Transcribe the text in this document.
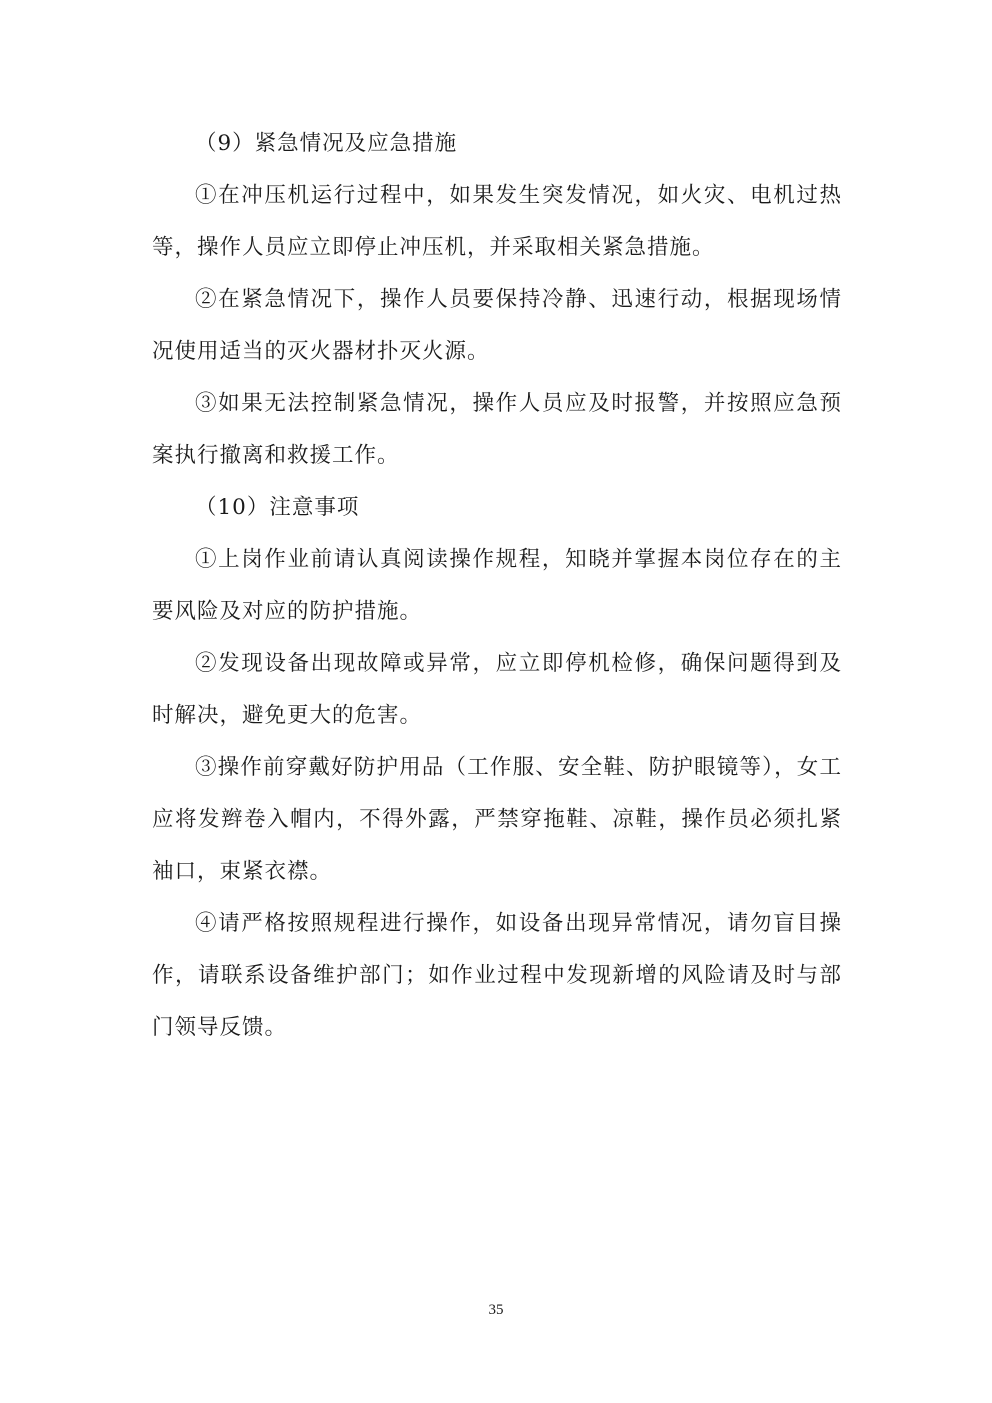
（9）紧急情况及应急措施

①在冲压机运行过程中，如果发生突发情况，如火灾、电机过热等，操作人员应立即停止冲压机，并采取相关紧急措施。

②在紧急情况下，操作人员要保持冷静、迅速行动，根据现场情况使用适当的灭火器材扑灭火源。

③如果无法控制紧急情况，操作人员应及时报警，并按照应急预案执行撤离和救援工作。

（10）注意事项

①上岗作业前请认真阅读操作规程，知晓并掌握本岗位存在的主要风险及对应的防护措施。

②发现设备出现故障或异常，应立即停机检修，确保问题得到及时解决，避免更大的危害。

③操作前穿戴好防护用品（工作服、安全鞋、防护眼镜等），女工应将发辫卷入帽内，不得外露，严禁穿拖鞋、凉鞋，操作员必须扎紧袖口，束紧衣襟。

④请严格按照规程进行操作，如设备出现异常情况，请勿盲目操作，请联系设备维护部门；如作业过程中发现新增的风险请及时与部门领导反馈。

35
